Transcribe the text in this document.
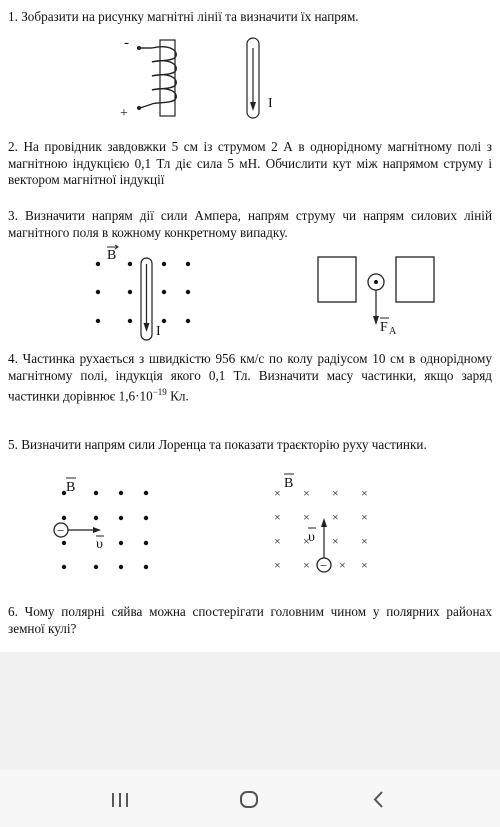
1. Зобразити на рисунку магнітні лінії та визначити їх напрям.
-
+
I
2. На провідник завдовжки 5 см із струмом 2 А в однорідному магнітному полі з магнітною індукцією 0,1 Тл діє сила 5 мН. Обчислити кут між напрямом струму і вектором магнітної індукції
3. Визначити напрям дії сили Ампера, напрям струму чи напрям силових ліній магнітного поля в кожному конкретному випадку.
B
I	F A
4. Частинка рухається з швидкістю 956 км/с по колу радіусом 10 см в однорідному магнітному полі, індукція якого 0,1 Тл. Визначити масу частинки, якщо заряд частинки дорівнює $1,6\cdot 10^{-19}$ Кл.
5. Визначити напрям сили Лоренца та показати траєкторію руху частинки.
B
−
υ
B
× × × ×
× × × ×
× × × ×
× × × ×
−
υ
6. Чому полярні сяйва можна спостерігати головним чином у полярних районах земної кулі?
